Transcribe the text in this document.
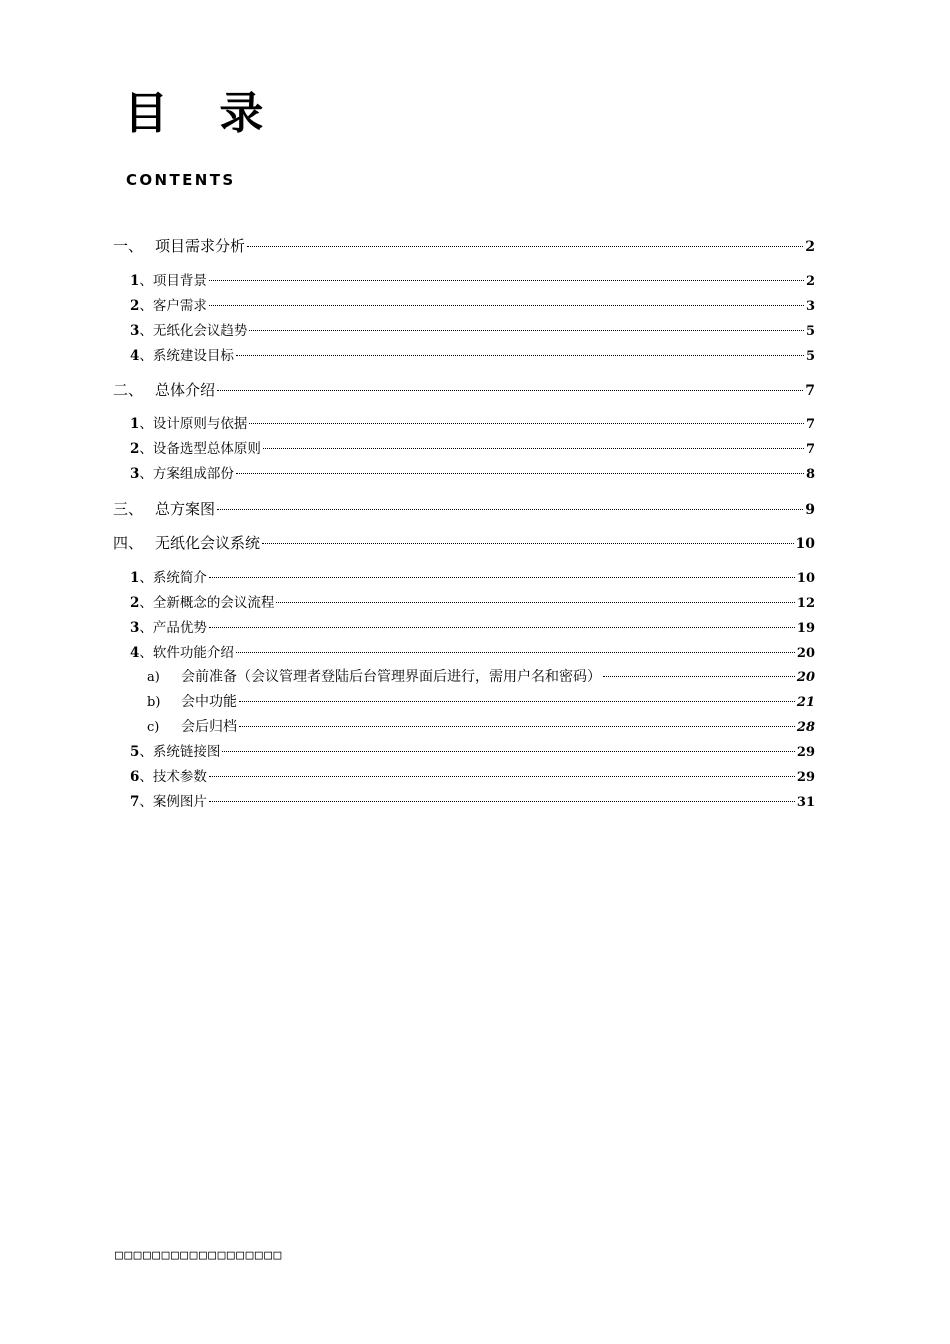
目 录
CONTENTS
一、 项目需求分析	2
1 、 项目背景	2
2 、 客户需求	3
3 、 无纸化会议趋势	5
4 、 系统建设目标	5
二、 总体介绍	7
1 、 设计原则与依据	7
2 、 设备选型总体原则	7
3 、 方案组成部份	8
三、 总方案图	9
四、 无纸化会议系统	10
1 、 系统简介	10
2 、 全新概念的会议流程	12
3 、 产品优势	19
4 、 软件功能介绍	20
a)	会前准备（会议管理者登陆后台管理界面后进行，需用户名和密码）	20
b)	会中功能	21
c)	会后归档	28
5 、 系统链接图	29
6 、 技术参数	29
7 、 案例图片	31
□□□□□□□□□□□□□□□□□□
